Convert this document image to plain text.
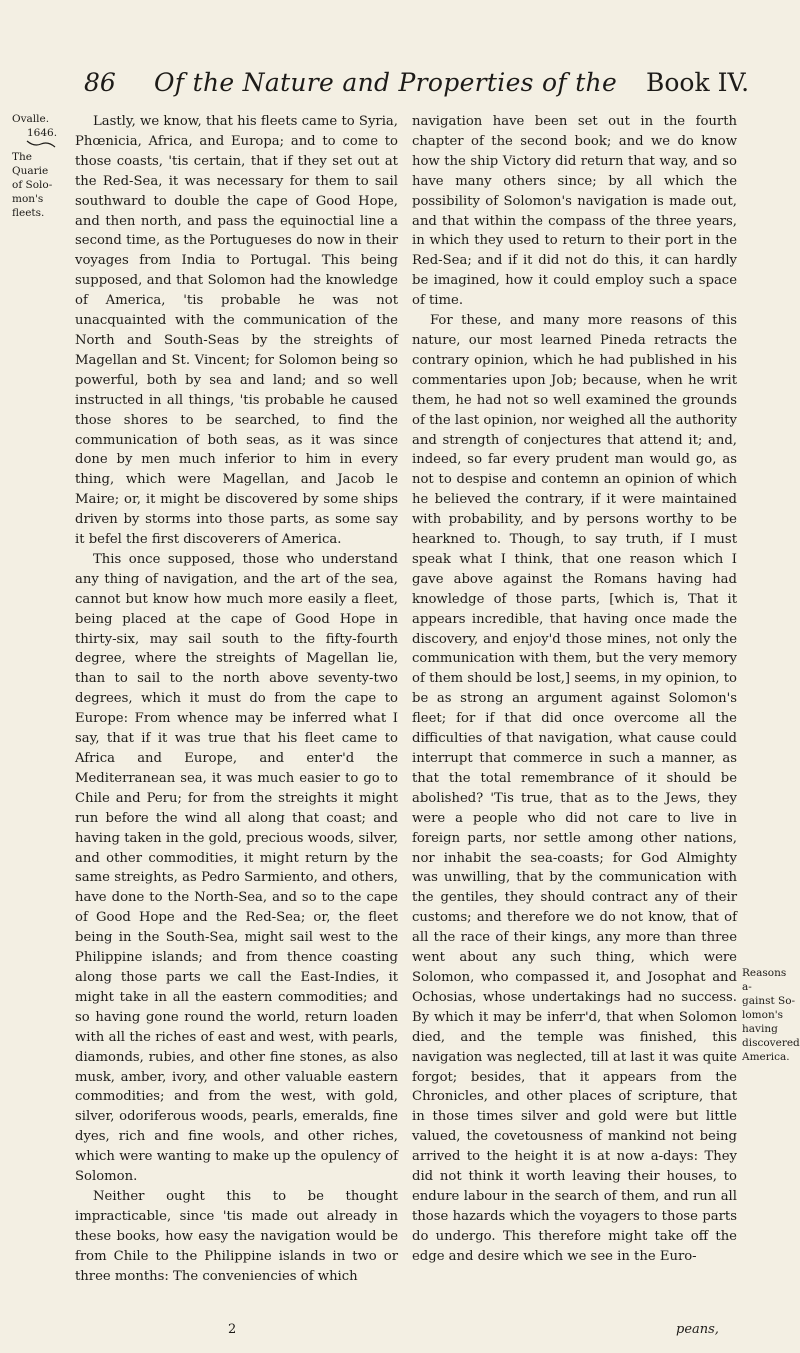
86 Of the Nature and Properties of the Book IV.
Ovalle.

1646.
The Quarie
of Solo-
mon's
fleets.

Lastly, we know, that his fleets came to Syria, Phœnicia, Africa, and Europa; and to come to those coasts, 'tis certain, that if they set out at the Red-Sea, it was necessary for them to sail southward to double the cape of Good Hope, and then north, and pass the equinoctial line a second time, as the Portugueses do now in their voyages from India to Portugal. This being supposed, and that Solomon had the knowledge of America, 'tis probable he was not unacquainted with the communication of the North and South-Seas by the streights of Magellan and St. Vincent; for Solomon being so powerful, both by sea and land; and so well instructed in all things, 'tis probable he caused those shores to be searched, to find the communication of both seas, as it was since done by men much inferior to him in every thing, which were Magellan, and Jacob le Maire; or, it might be discovered by some ships driven by storms into those parts, as some say it befel the first discoverers of America.

This once supposed, those who understand any thing of navigation, and the art of the sea, cannot but know how much more easily a fleet, being placed at the cape of Good Hope in thirty-six, may sail south to the fifty-fourth degree, where the streights of Magellan lie, than to sail to the north above seventy-two degrees, which it must do from the cape to Europe: From whence may be inferred what I say, that if it was true that his fleet came to Africa and Europe, and enter'd the Mediterranean sea, it was much easier to go to Chile and Peru; for from the streights it might run before the wind all along that coast; and having taken in the gold, precious woods, silver, and other commodities, it might return by the same streights, as Pedro Sarmiento, and others, have done to the North-Sea, and so to the cape of Good Hope and the Red-Sea; or, the fleet being in the South-Sea, might sail west to the Philippine islands; and from thence coasting along those parts we call the East-Indies, it might take in all the eastern commodities; and so having gone round the world, return loaden with all the riches of east and west, with pearls, diamonds, rubies, and other fine stones, as also musk, amber, ivory, and other valuable eastern commodities; and from the west, with gold, silver, odoriferous woods, pearls, emeralds, fine dyes, rich and fine wools, and other riches, which were wanting to make up the opulency of Solomon.

Neither ought this to be thought impracticable, since 'tis made out already in these books, how easy the navigation would be from Chile to the Philippine islands in two or three months: The conveniencies of which

navigation have been set out in the fourth chapter of the second book; and we do know how the ship Victory did return that way, and so have many others since; by all which the possibility of Solomon's navigation is made out, and that within the compass of the three years, in which they used to return to their port in the Red-Sea; and if it did not do this, it can hardly be imagined, how it could employ such a space of time.

For these, and many more reasons of this nature, our most learned Pineda retracts the contrary opinion, which he had published in his commentaries upon Job; because, when he writ them, he had not so well examined the grounds of the last opinion, nor weighed all the authority and strength of conjectures that attend it; and, indeed, so far every prudent man would go, as not to despise and contemn an opinion of which he believed the contrary, if it were maintained with probability, and by persons worthy to be hearkned to. Though, to say truth, if I must speak what I think, that one reason which I gave above against the Romans having had knowledge of those parts, [which is, That it appears incredible, that having once made the discovery, and enjoy'd those mines, not only the communication with them, but the very memory of them should be lost,] seems, in my opinion, to be as strong an argument against Solomon's fleet; for if that did once overcome all the difficulties of that navigation, what cause could interrupt that commerce in such a manner, as that the total remembrance of it should be abolished? 'Tis true, that as to the Jews, they were a people who did not care to live in foreign parts, nor settle among other nations, nor inhabit the sea-coasts; for God Almighty was unwilling, that by the communication with the gentiles, they should contract any of their customs; and therefore we do not know, that of all the race of their kings, any more than three went about any such thing, which were Solomon, who compassed it, and Josophat and Ochosias, whose undertakings had no success. By which it may be inferr'd, that when Solomon died, and the temple was finished, this navigation was neglected, till at last it was quite forgot; besides, that it appears from the Chronicles, and other places of scripture, that in those times silver and gold were but little valued, the covetousness of mankind not being arrived to the height it is at now a-days: They did not think it worth leaving their houses, to endure labour in the search of them, and run all those hazards which the voyagers to those parts do undergo. This therefore might take off the edge and desire which we see in the Euro-

Reasons a-
gainst So-
lomon's
having
discovered
America.
2	peans,
